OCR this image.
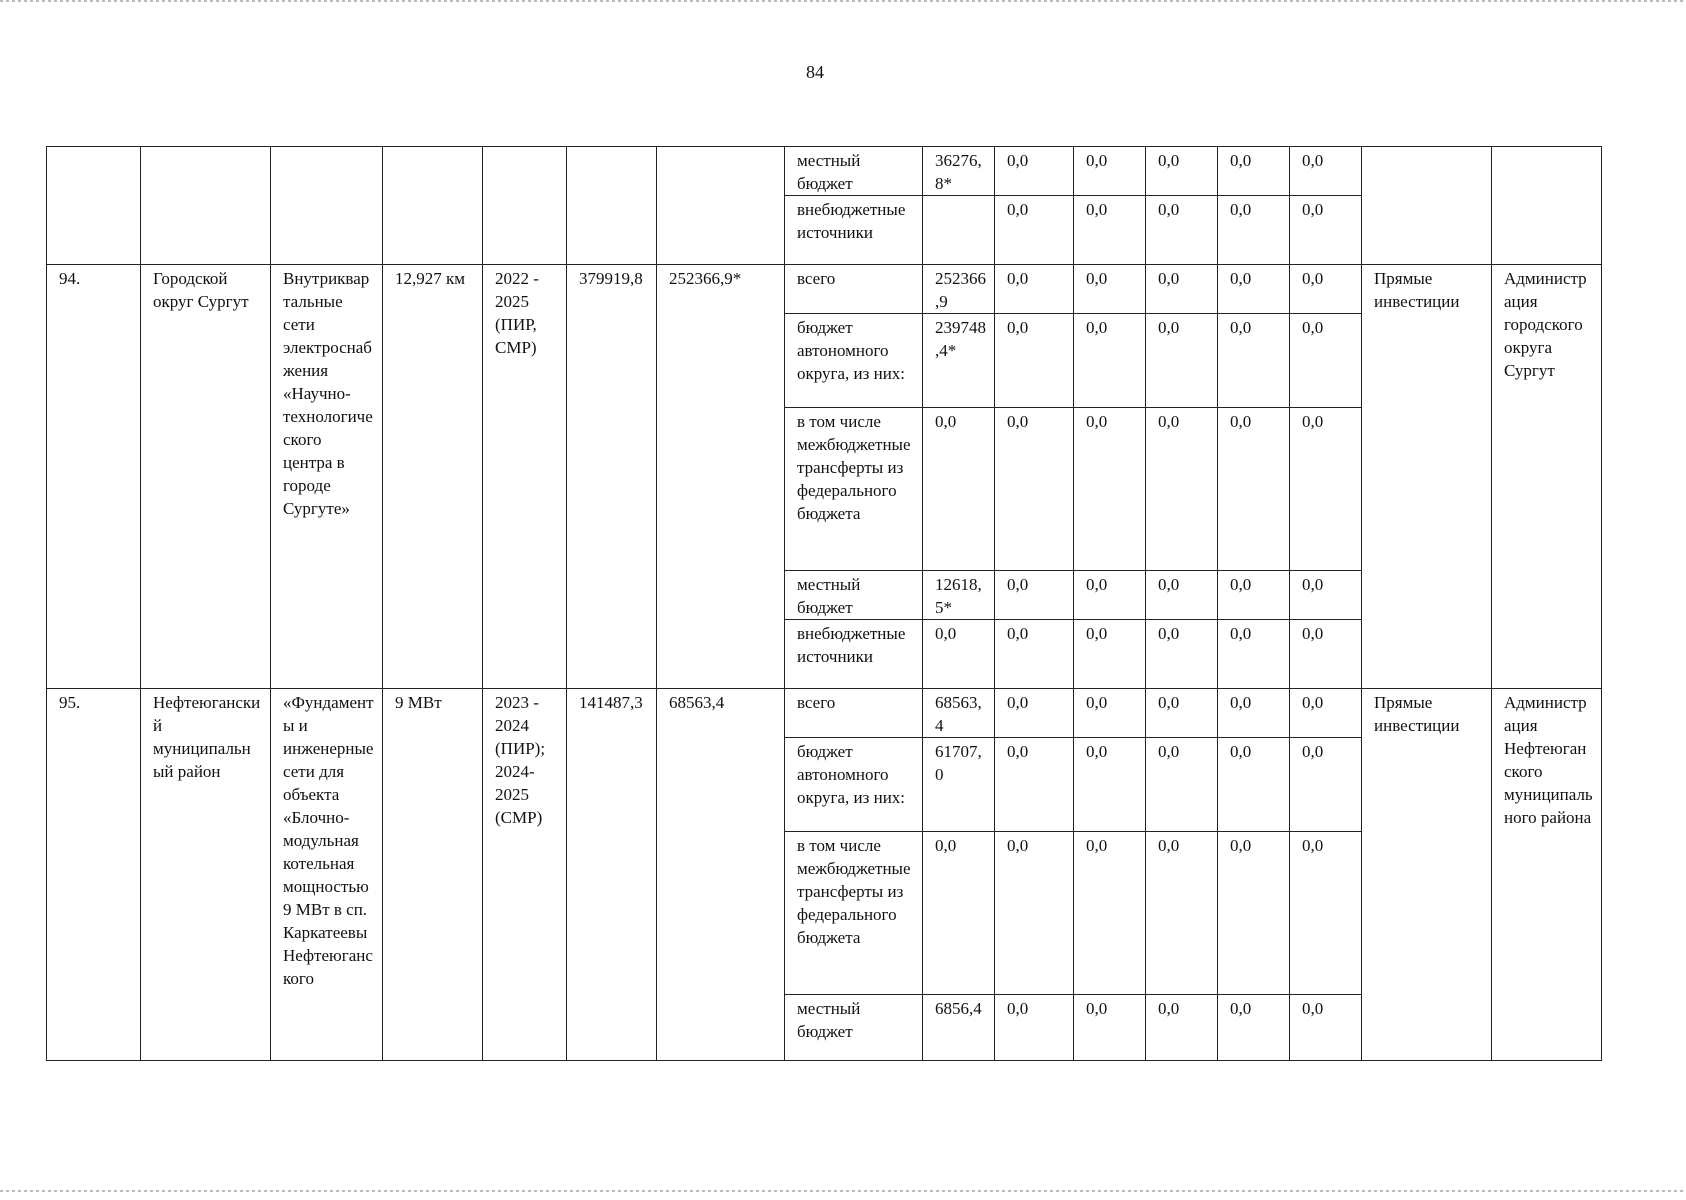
84
							местный бюджет	36276,8*	0,0	0,0	0,0	0,0	0,0		
							внебюджетные источники		0,0	0,0	0,0	0,0	0,0		
94.	Городской округ Сургут	Внутриквартальные сети электроснабжения «Научно-технологического центра в городе Сургуте»	12,927 км	2022 - 2025 (ПИР, СМР)	379919,8	252366,9*	всего	252366,9	0,0	0,0	0,0	0,0	0,0	Прямые инвестиции	Администрация городского округа Сургут
							бюджет автономного округа, из них:	239748,4*	0,0	0,0	0,0	0,0	0,0		
							в том числе межбюджетные трансферты из федерального бюджета	0,0	0,0	0,0	0,0	0,0	0,0		
							местный бюджет	12618,5*	0,0	0,0	0,0	0,0	0,0		
							внебюджетные источники	0,0	0,0	0,0	0,0	0,0	0,0		
95.	Нефтеюганский муниципальный район	«Фундаменты и инженерные сети для объекта «Блочно-модульная котельная мощностью 9 МВт в сп. Каркатеевы Нефтеюганского	9 МВт	2023 - 2024 (ПИР); 2024-2025 (СМР)	141487,3	68563,4	всего	68563,4	0,0	0,0	0,0	0,0	0,0	Прямые инвестиции	Администрация Нефтеюганского муниципального района
							бюджет автономного округа, из них:	61707,0	0,0	0,0	0,0	0,0	0,0		
							в том числе межбюджетные трансферты из федерального бюджета	0,0	0,0	0,0	0,0	0,0	0,0		
							местный бюджет	6856,4	0,0	0,0	0,0	0,0	0,0		
